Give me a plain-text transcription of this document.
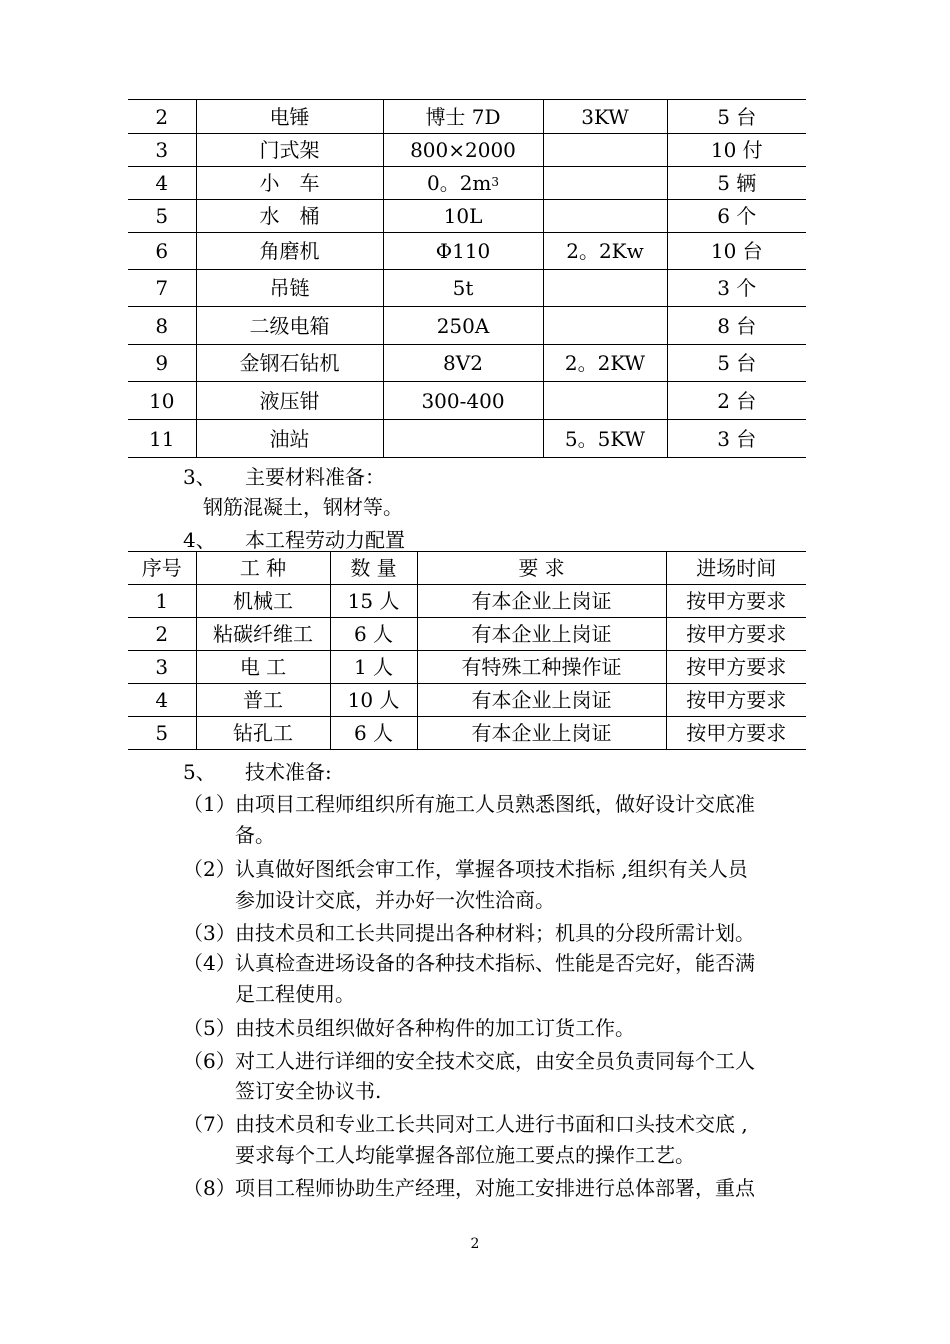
2	电锤	博士 7D	3KW	5 台
3	门式架	800×2000		10 付
4	小　车	0。$2m^3$		5 辆
5	水　桶	10L		6 个
6	角磨机	Φ110	2。2Kw	10 台
7	吊链	5t		3 个
8	二级电箱	250A		8 台
9	金钢石钻机	8V2	2。2KW	5 台
10	液压钳	300-400		2 台
11	油站		5。5KW	3 台
3、 主要材料准备：
钢筋混凝土，钢材等。
4、 本工程劳动力配置
序号	工 种	数 量	要 求	进场时间
1	机械工	15 人	有本企业上岗证	按甲方要求
2	粘碳纤维工	6 人	有本企业上岗证	按甲方要求
3	电 工	1 人	有特殊工种操作证	按甲方要求
4	普工	10 人	有本企业上岗证	按甲方要求
5	钻孔工	6 人	有本企业上岗证	按甲方要求
5、 技术准备:
（1） 由项目工程师组织所有施工人员熟悉图纸，做好设计交底准
备。
（2） 认真做好图纸会审工作，掌握各项技术指标 ,组织有关人员
参加设计交底，并办好一次性洽商。
（3） 由技术员和工长共同提出各种材料；机具的分段所需计划。
（4） 认真检查进场设备的各种技术指标、性能是否完好，能否满
足工程使用。
（5） 由技术员组织做好各种构件的加工订货工作。
（6） 对工人进行详细的安全技术交底，由安全员负责同每个工人
签订安全协议书.
（7） 由技术员和专业工长共同对工人进行书面和口头技术交底 ,
要求每个工人均能掌握各部位施工要点的操作工艺。
（8） 项目工程师协助生产经理，对施工安排进行总体部署，重点
2
